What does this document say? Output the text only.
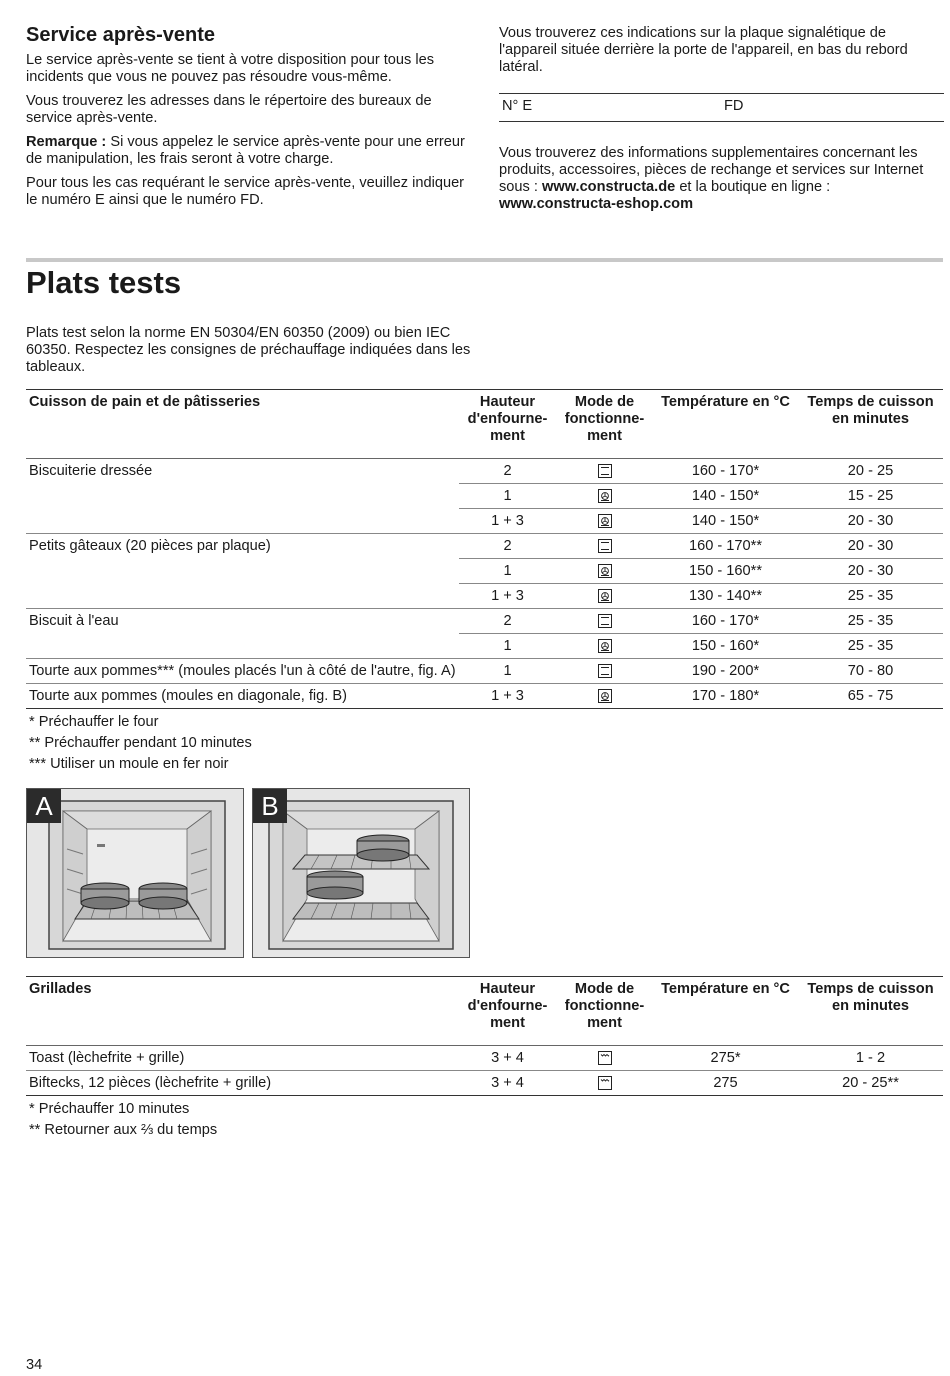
Service après-vente

Le service après-vente se tient à votre disposition pour tous les incidents que vous ne pouvez pas résoudre vous-même.

Vous trouverez les adresses dans le répertoire des bureaux de service après-vente.

Remarque : Si vous appelez le service après-vente pour une erreur de manipulation, les frais seront à votre charge.

Pour tous les cas requérant le service après-vente, veuillez indiquer le numéro E ainsi que le numéro FD.

Vous trouverez ces indications sur la plaque signalétique de l'appareil située derrière la porte de l'appareil, en bas du rebord latéral.

N° E	FD

Vous trouverez des informations supplementaires concernant les produits, accessoires, pièces de rechange et services sur Internet sous : www.constructa.de et la boutique en ligne : www.constructa-eshop.com

Plats tests

Plats test selon la norme EN 50304/EN 60350 (2009) ou bien IEC 60350. Respectez les consignes de préchauffage indiquées dans les tableaux.

Cuisson de pain et de pâtisseries	Hauteur d'enfourne-ment	Mode de fonctionne-ment	Température en °C	Temps de cuisson en minutes
Biscuiterie dressée	2		160 - 170*	20 - 25
	1		140 - 150*	15 - 25
	1 + 3		140 - 150*	20 - 30
Petits gâteaux (20 pièces par plaque)	2		160 - 170**	20 - 30
	1		150 - 160**	20 - 30
	1 + 3		130 - 140**	25 - 35
Biscuit à l'eau	2		160 - 170*	25 - 35
	1		150 - 160*	25 - 35
Tourte aux pommes*** (moules placés l'un à côté de l'autre, fig. A)	1		190 - 200*	70 - 80
Tourte aux pommes (moules en diagonale, fig. B)	1 + 3		170 - 180*	65 - 75
* Préchauffer le four
** Préchauffer pendant 10 minutes
*** Utiliser un moule en fer noir
A	B
Grillades	Hauteur d'enfourne-ment	Mode de fonctionne-ment	Température en °C	Temps de cuisson en minutes
Toast (lèchefrite + grille)	3 + 4		275*	1 - 2
Biftecks, 12 pièces (lèchefrite + grille)	3 + 4		275	20 - 25**
* Préchauffer 10 minutes
** Retourner aux ⅔ du temps
34
